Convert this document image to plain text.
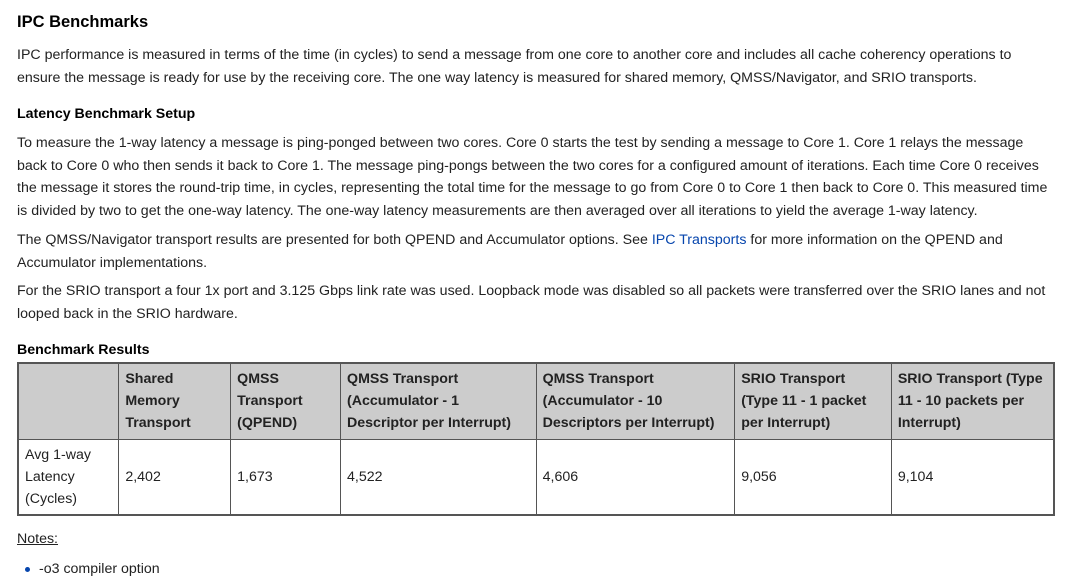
IPC Benchmarks

IPC performance is measured in terms of the time (in cycles) to send a message from one core to another core and includes all cache coherency operations to ensure the message is ready for use by the receiving core. The one way latency is measured for shared memory, QMSS/Navigator, and SRIO transports.

Latency Benchmark Setup

To measure the 1-way latency a message is ping-ponged between two cores. Core 0 starts the test by sending a message to Core 1. Core 1 relays the message back to Core 0 who then sends it back to Core 1. The message ping-pongs between the two cores for a configured amount of iterations. Each time Core 0 receives the message it stores the round-trip time, in cycles, representing the total time for the message to go from Core 0 to Core 1 then back to Core 0. This measured time is divided by two to get the one-way latency. The one-way latency measurements are then averaged over all iterations to yield the average 1-way latency.

The QMSS/Navigator transport results are presented for both QPEND and Accumulator options. See IPC Transports for more information on the QPEND and Accumulator implementations.

For the SRIO transport a four 1x port and 3.125 Gbps link rate was used. Loopback mode was disabled so all packets were transferred over the SRIO lanes and not looped back in the SRIO hardware.

Benchmark Results
	Shared Memory Transport	QMSS Transport (QPEND)	QMSS Transport (Accumulator - 1 Descriptor per Interrupt)	QMSS Transport (Accumulator - 10 Descriptors per Interrupt)	SRIO Transport (Type 11 - 1 packet per Interrupt)	SRIO Transport (Type 11 - 10 packets per Interrupt)
Avg 1-way Latency (Cycles)	2,402	1,673	4,522	4,606	9,056	9,104
Notes:
-o3 compiler option
